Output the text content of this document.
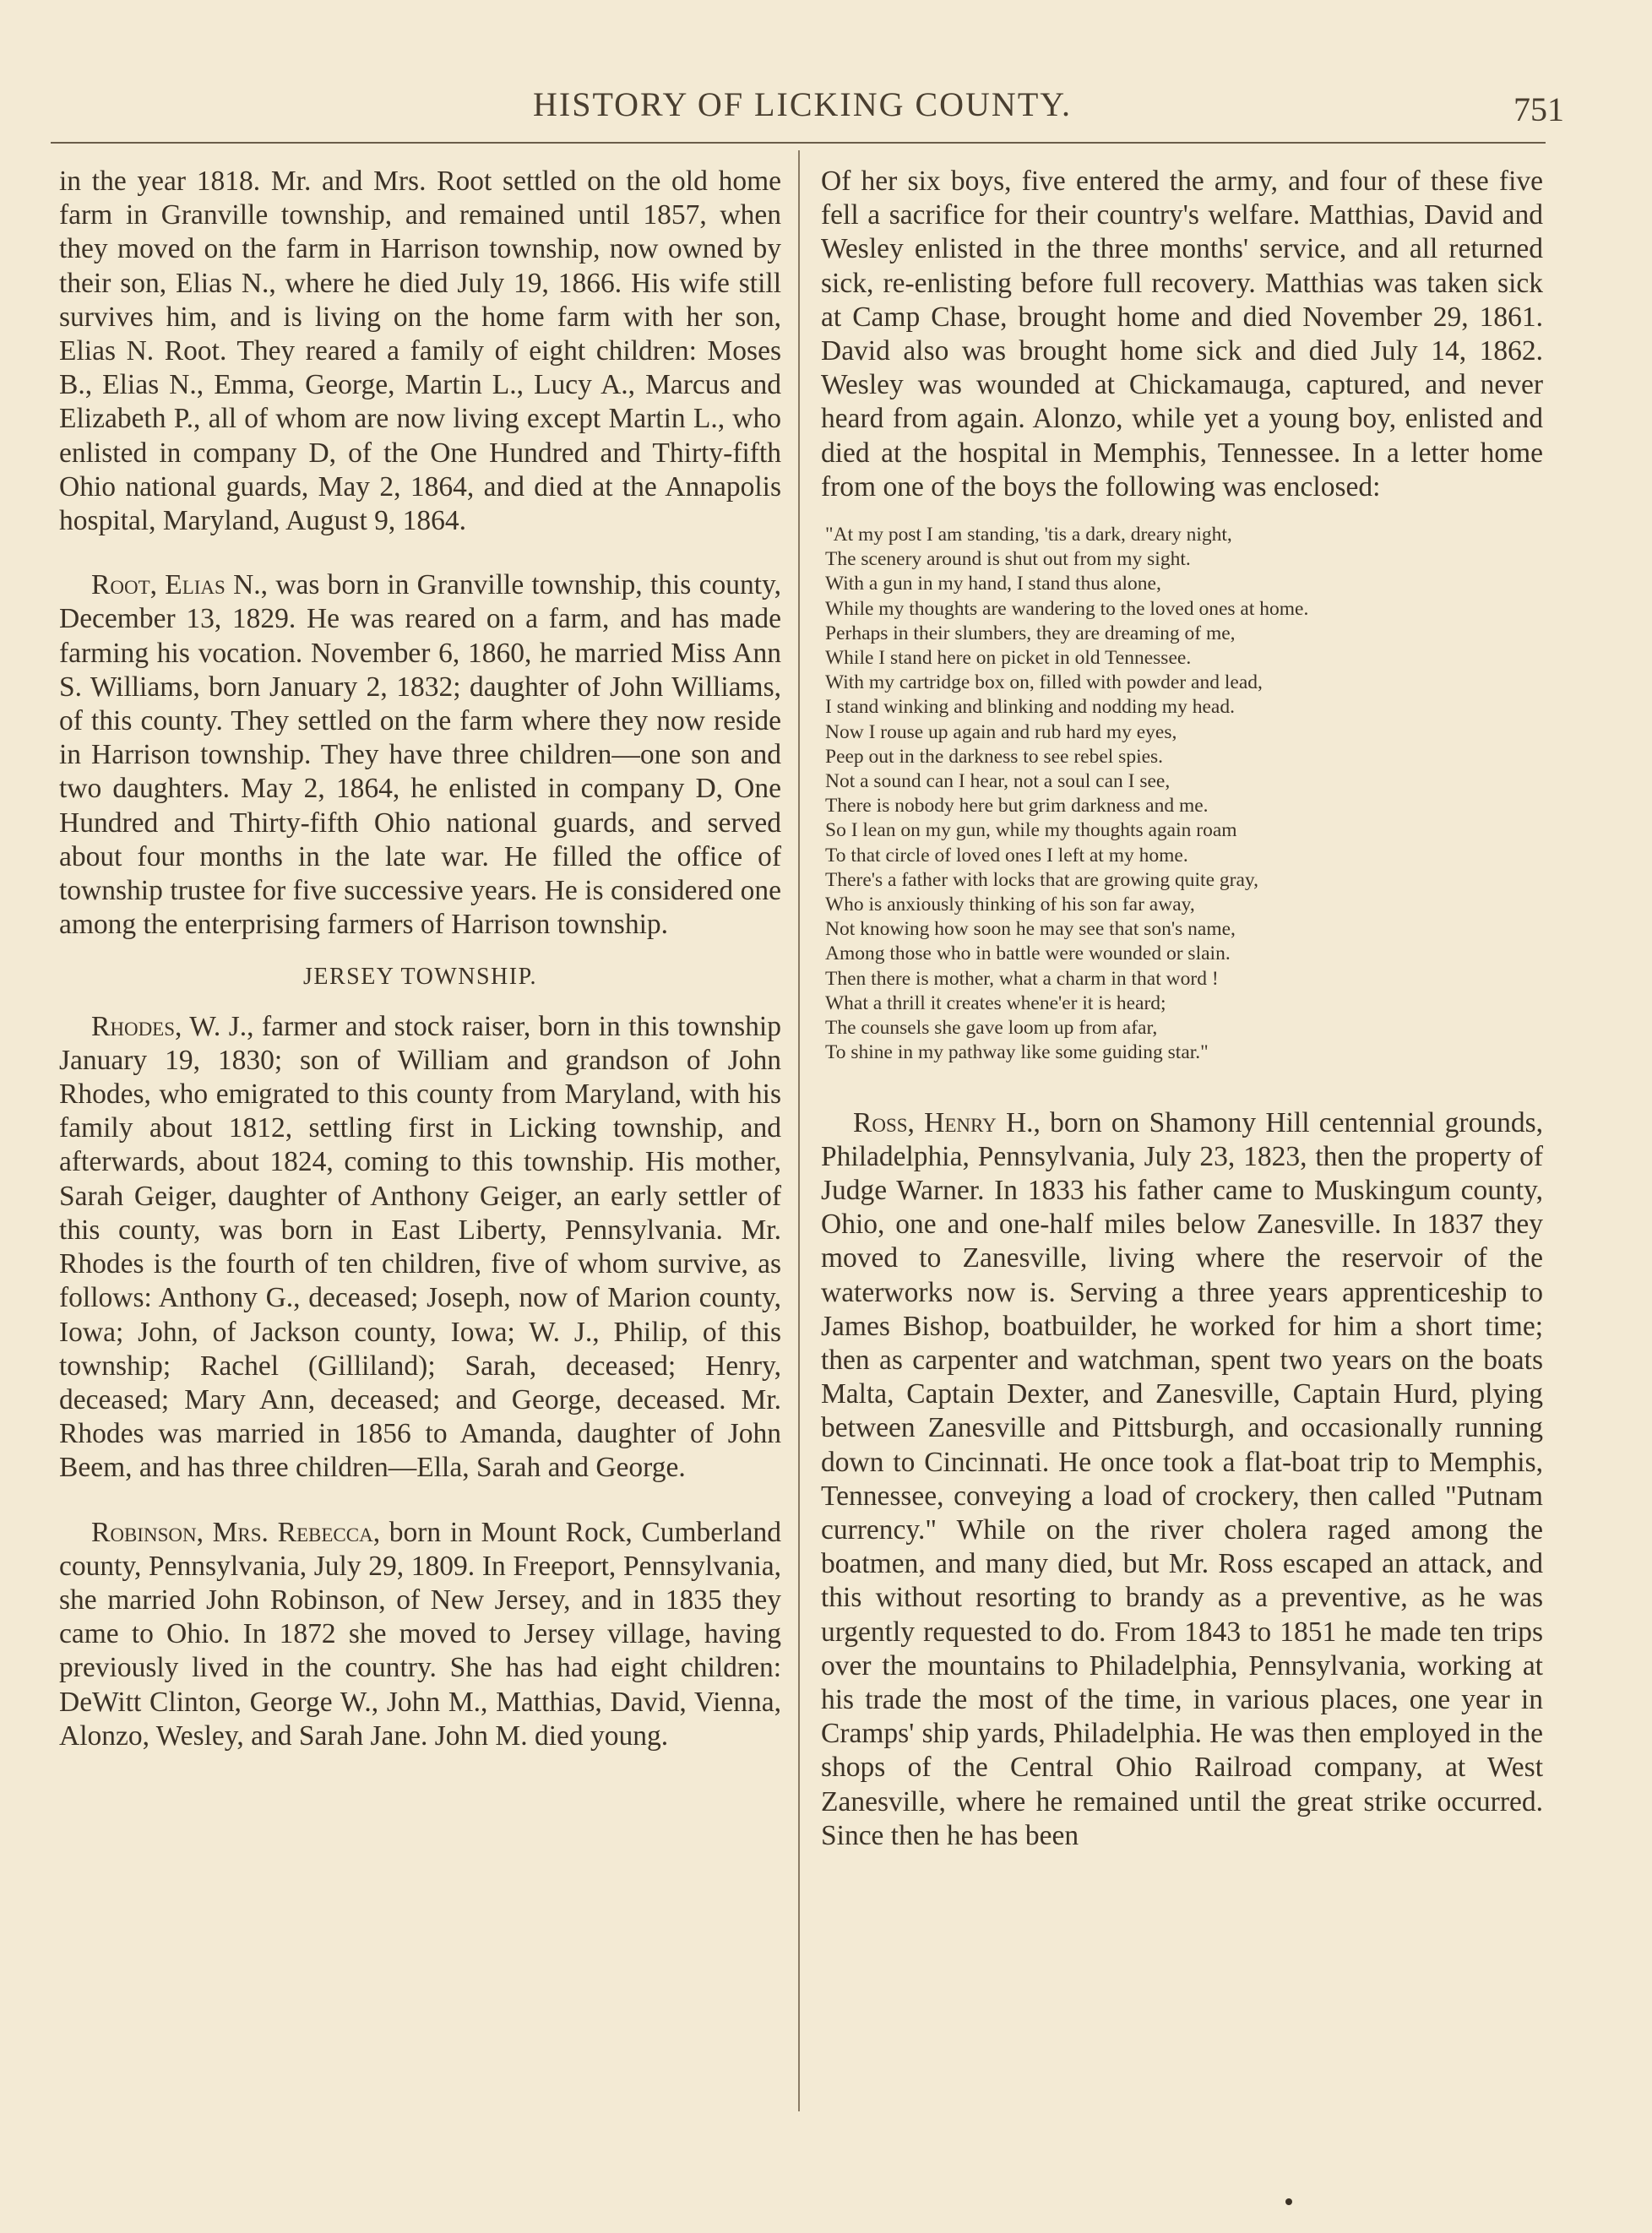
HISTORY OF LICKING COUNTY.	751

in the year 1818. Mr. and Mrs. Root settled on the old home farm in Granville township, and remained until 1857, when they moved on the farm in Harrison township, now owned by their son, Elias N., where he died July 19, 1866. His wife still survives him, and is living on the home farm with her son, Elias N. Root. They reared a family of eight children: Moses B., Elias N., Emma, George, Martin L., Lucy A., Marcus and Elizabeth P., all of whom are now living except Martin L., who enlisted in company D, of the One Hundred and Thirty-fifth Ohio national guards, May 2, 1864, and died at the Annapolis hospital, Maryland, August 9, 1864.

Root, Elias N., was born in Granville township, this county, December 13, 1829. He was reared on a farm, and has made farming his vocation. November 6, 1860, he married Miss Ann S. Williams, born January 2, 1832; daughter of John Williams, of this county. They settled on the farm where they now reside in Harrison township. They have three children—one son and two daughters. May 2, 1864, he enlisted in company D, One Hundred and Thirty-fifth Ohio national guards, and served about four months in the late war. He filled the office of township trustee for five successive years. He is considered one among the enterprising farmers of Harrison township.

JERSEY TOWNSHIP.

Rhodes, W. J., farmer and stock raiser, born in this township January 19, 1830; son of William and grandson of John Rhodes, who emigrated to this county from Maryland, with his family about 1812, settling first in Licking township, and afterwards, about 1824, coming to this township. His mother, Sarah Geiger, daughter of Anthony Geiger, an early settler of this county, was born in East Liberty, Pennsylvania. Mr. Rhodes is the fourth of ten children, five of whom survive, as follows: Anthony G., deceased; Joseph, now of Marion county, Iowa; John, of Jackson county, Iowa; W. J., Philip, of this township; Rachel (Gilliland); Sarah, deceased; Henry, deceased; Mary Ann, deceased; and George, deceased. Mr. Rhodes was married in 1856 to Amanda, daughter of John Beem, and has three children—Ella, Sarah and George.

Robinson, Mrs. Rebecca, born in Mount Rock, Cumberland county, Pennsylvania, July 29, 1809. In Freeport, Pennsylvania, she married John Robinson, of New Jersey, and in 1835 they came to Ohio. In 1872 she moved to Jersey village, having previously lived in the country. She has had eight children: DeWitt Clinton, George W., John M., Matthias, David, Vienna, Alonzo, Wesley, and Sarah Jane. John M. died young.

Of her six boys, five entered the army, and four of these five fell a sacrifice for their country's welfare. Matthias, David and Wesley enlisted in the three months' service, and all returned sick, re-enlisting before full recovery. Matthias was taken sick at Camp Chase, brought home and died November 29, 1861. David also was brought home sick and died July 14, 1862. Wesley was wounded at Chickamauga, captured, and never heard from again. Alonzo, while yet a young boy, enlisted and died at the hospital in Memphis, Tennessee. In a letter home from one of the boys the following was enclosed:

"At my post I am standing, 'tis a dark, dreary night,
The scenery around is shut out from my sight.
With a gun in my hand, I stand thus alone,
While my thoughts are wandering to the loved ones at home.
Perhaps in their slumbers, they are dreaming of me,
While I stand here on picket in old Tennessee.
With my cartridge box on, filled with powder and lead,
I stand winking and blinking and nodding my head.
Now I rouse up again and rub hard my eyes,
Peep out in the darkness to see rebel spies.
Not a sound can I hear, not a soul can I see,
There is nobody here but grim darkness and me.
So I lean on my gun, while my thoughts again roam
To that circle of loved ones I left at my home.
There's a father with locks that are growing quite gray,
Who is anxiously thinking of his son far away,
Not knowing how soon he may see that son's name,
Among those who in battle were wounded or slain.
Then there is mother, what a charm in that word !
What a thrill it creates whene'er it is heard;
The counsels she gave loom up from afar,
To shine in my pathway like some guiding star."

Ross, Henry H., born on Shamony Hill centennial grounds, Philadelphia, Pennsylvania, July 23, 1823, then the property of Judge Warner. In 1833 his father came to Muskingum county, Ohio, one and one-half miles below Zanesville. In 1837 they moved to Zanesville, living where the reservoir of the waterworks now is. Serving a three years apprenticeship to James Bishop, boatbuilder, he worked for him a short time; then as carpenter and watchman, spent two years on the boats Malta, Captain Dexter, and Zanesville, Captain Hurd, plying between Zanesville and Pittsburgh, and occasionally running down to Cincinnati. He once took a flat-boat trip to Memphis, Tennessee, conveying a load of crockery, then called "Putnam currency." While on the river cholera raged among the boatmen, and many died, but Mr. Ross escaped an attack, and this without resorting to brandy as a preventive, as he was urgently requested to do. From 1843 to 1851 he made ten trips over the mountains to Philadelphia, Pennsylvania, working at his trade the most of the time, in various places, one year in Cramps' ship yards, Philadelphia. He was then employed in the shops of the Central Ohio Railroad company, at West Zanesville, where he remained until the great strike occurred. Since then he has been
